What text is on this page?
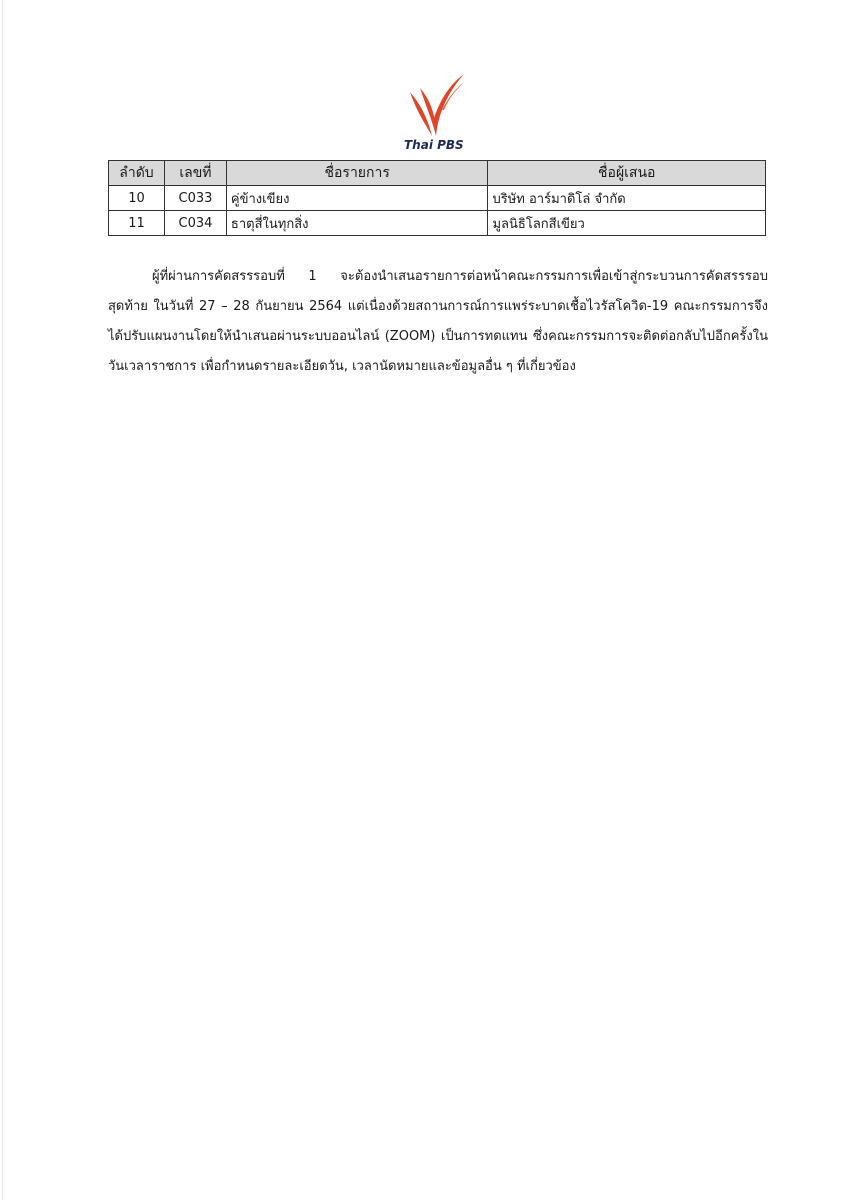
Thai PBS
ลำดับ	เลขที่	ชื่อรายการ	ชื่อผู้เสนอ
10	C033	คู่ข้างเขียง	บริษัท อาร์มาดิโล่ จำกัด
11	C034	ธาตุสี่ในทุกสิ่ง	มูลนิธิโลกสีเขียว

ผู้ที่ผ่านการคัดสรรรอบที่ 1 จะต้องนำเสนอรายการต่อหน้าคณะกรรมการเพื่อเข้าสู่กระบวนการคัดสรรรอบสุดท้าย ในวันที่ 27 – 28 กันยายน 2564 แต่เนื่องด้วยสถานการณ์การแพร่ระบาดเชื้อไวรัสโควิด-19 คณะกรรมการจึงได้ปรับแผนงานโดยให้นำเสนอผ่านระบบออนไลน์ (ZOOM) เป็นการทดแทน ซึ่งคณะกรรมการจะติดต่อกลับไปอีกครั้งในวันเวลาราชการ เพื่อกำหนดรายละเอียดวัน, เวลานัดหมายและข้อมูลอื่น ๆ ที่เกี่ยวข้อง
